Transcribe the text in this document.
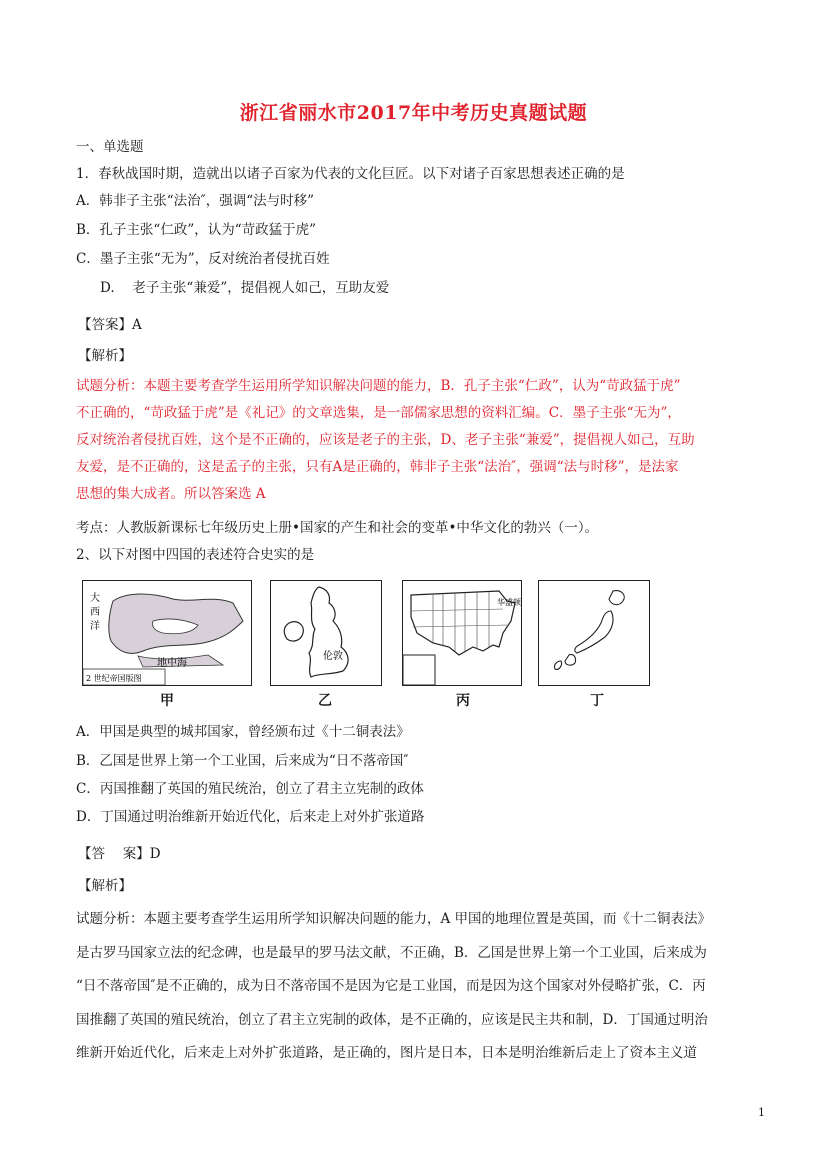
浙江省丽水市2017年中考历史真题试题
一、单选题
1．春秋战国时期，造就出以诸子百家为代表的文化巨匠。以下对诸子百家思想表述正确的是
A．韩非子主张“法治″，强调“法与时移”
B．孔子主张“仁政”，认为“苛政猛于虎”
C．墨子主张“无为”，反对统治者侵扰百姓
D.　 老子主张“兼爱”，提倡视人如己，互助友爱
【答案】A
【解析】
试题分析：本题主要考查学生运用所学知识解决问题的能力，B．孔子主张“仁政”，认为“苛政猛于虎”
不正确的，“苛政猛于虎”是《礼记》的文章选集，是一部儒家思想的资料汇编。C．墨子主张“无为”，
反对统治者侵扰百姓，这个是不正确的，应该是老子的主张，D、老子主张“兼爱”，提倡视人如己，互助
友爱，是不正确的，这是孟子的主张，只有A是正确的，韩非子主张“法治″，强调“法与时移”，是法家
思想的集大成者。所以答案选 A
考点：人教版新课标七年级历史上册•国家的产生和社会的变革•中华文化的勃兴（一）。
2、以下对图中四国的表述符合史实的是
大
西
洋
地中海
2 世纪帝国版图
伦敦
华盛顿
甲	乙	丙	丁
A．甲国是典型的城邦国家，曾经颁布过《十二铜表法》
B．乙国是世界上第一个工业国，后来成为“日不落帝国″
C．丙国推翻了英国的殖民统治，创立了君主立宪制的政体
D．丁国通过明治维新开始近代化，后来走上对外扩张道路
【答　 案】D
【解析】
试题分析：本题主要考查学生运用所学知识解决问题的能力，A 甲国的地理位置是英国，而《十二铜表法》
是古罗马国家立法的纪念碑，也是最早的罗马法文献，不正确，B．乙国是世界上第一个工业国，后来成为
“日不落帝国″是不正确的，成为日不落帝国不是因为它是工业国，而是因为这个国家对外侵略扩张，C．丙
国推翻了英国的殖民统治，创立了君主立宪制的政体，是不正确的，应该是民主共和制，D．丁国通过明治
维新开始近代化，后来走上对外扩张道路，是正确的，图片是日本，日本是明治维新后走上了资本主义道
1
